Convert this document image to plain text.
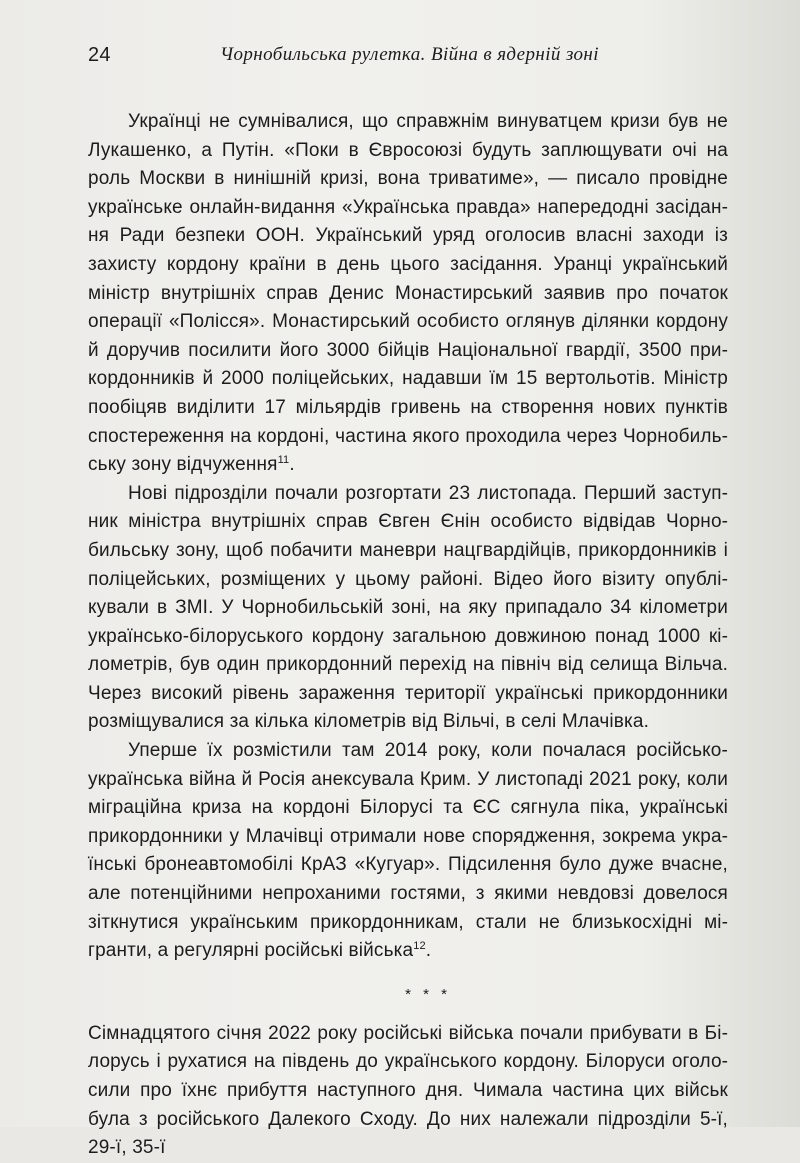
24	Чорнобильська рулетка. Війна в ядерній зоні

Українці не сумнівалися, що справжнім винуватцем кризи був не Лукашенко, а Путін. «Поки в Євросоюзі будуть заплющувати очі на роль Москви в нинішній кризі, вона триватиме», — писало провідне українське онлайн-видання «Українська правда» напередодні засідання Ради безпеки ООН. Український уряд оголосив власні заходи із захисту кордону країни в день цього засідання. Уранці український міністр внутрішніх справ Денис Монастирський заявив про початок операції «Полісся». Монастирський особисто оглянув ділянки кордону й доручив посилити його 3000 бійців Національної гвардії, 3500 прикордонників й 2000 поліцейських, надавши їм 15 вертольотів. Міністр пообіцяв виділити 17 мільярдів гривень на створення нових пунктів спостереження на кордоні, частина якого проходила через Чорнобильську зону відчуження$^{11}$.

Нові підрозділи почали розгортати 23 листопада. Перший заступник міністра внутрішніх справ Євген Єнін особисто відвідав Чорнобильську зону, щоб побачити маневри нацгвардійців, прикордонників і поліцейських, розміщених у цьому районі. Відео його візиту опублікували в ЗМІ. У Чорнобильській зоні, на яку припадало 34 кілометри українсько-білоруського кордону загальною довжиною понад 1000 кілометрів, був один прикордонний перехід на північ від селища Вільча. Через високий рівень зараження території українські прикордонники розміщувалися за кілька кілометрів від Вільчі, в селі Млачівка.

Уперше їх розмістили там 2014 року, коли почалася російсько-українська війна й Росія анексувала Крим. У листопаді 2021 року, коли міграційна криза на кордоні Білорусі та ЄС сягнула піка, українські прикордонники у Млачівці отримали нове спорядження, зокрема українські бронеавтомобілі КрАЗ «Кугуар». Підсилення було дуже вчасне, але потенційними непроханими гостями, з якими невдовзі довелося зіткнутися українським прикордонникам, стали не близькосхідні мігранти, а регулярні російські війська$^{12}$.

* * *

Сімнадцятого січня 2022 року російські війська почали прибувати в Білорусь і рухатися на південь до українського кордону. Білоруси оголосили про їхнє прибуття наступного дня. Чимала частина цих військ була з російського Далекого Сходу. До них належали підрозділи 5-ї, 29-ї, 35-ї
